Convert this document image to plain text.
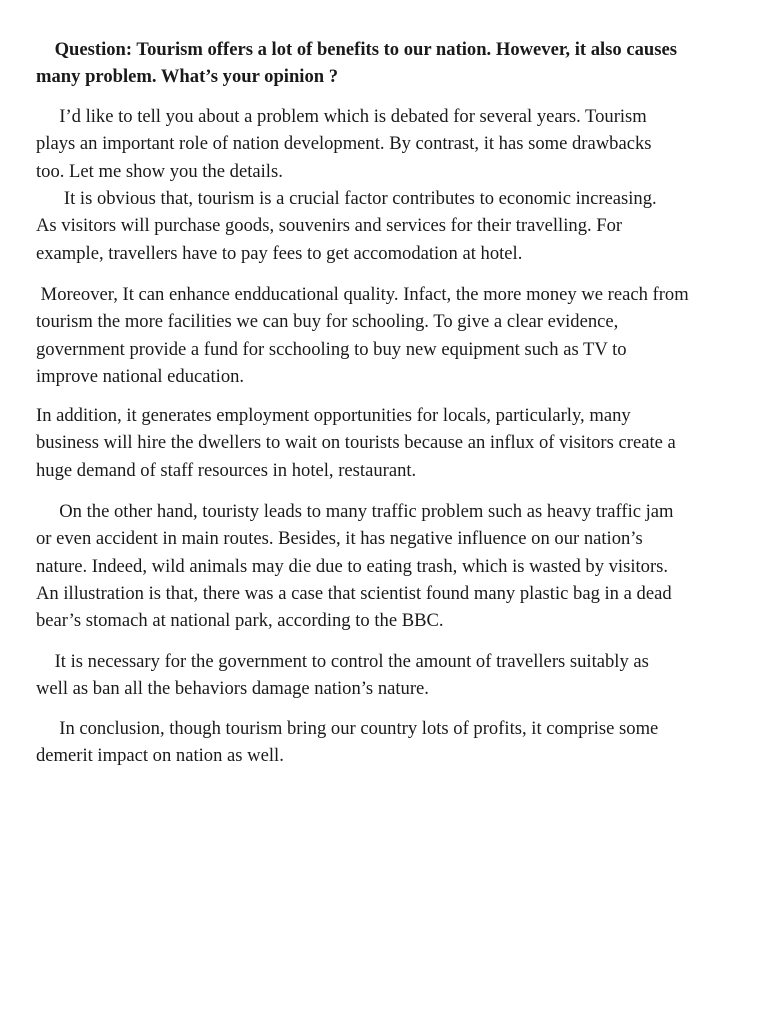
Question: Tourism offers a lot of benefits to our nation. However, it also causes
many problem. What’s your opinion ?

I’d like to tell you about a problem which is debated for several years. Tourism
plays an important role of nation development. By contrast, it has some drawbacks
too. Let me show you the details.

It is obvious that, tourism is a crucial factor contributes to economic increasing.
As visitors will purchase goods, souvenirs and services for their travelling. For
example, travellers have to pay fees to get accomodation at hotel.

Moreover, It can enhance endducational quality. Infact, the more money we reach from
tourism the more facilities we can buy for schooling. To give a clear evidence,
government provide a fund for scchooling to buy new equipment such as TV to
improve national education.

In addition, it generates employment opportunities for locals, particularly, many
business will hire the dwellers to wait on tourists because an influx of visitors create a
huge demand of staff resources in hotel, restaurant.

On the other hand, touristy leads to many traffic problem such as heavy traffic jam
or even accident in main routes. Besides, it has negative influence on our nation’s
nature. Indeed, wild animals may die due to eating trash, which is wasted by visitors.
An illustration is that, there was a case that scientist found many plastic bag in a dead
bear’s stomach at national park, according to the BBC.

It is necessary for the government to control the amount of travellers suitably as
well as ban all the behaviors damage nation’s nature.

In conclusion, though tourism bring our country lots of profits, it comprise some
demerit impact on nation as well.
